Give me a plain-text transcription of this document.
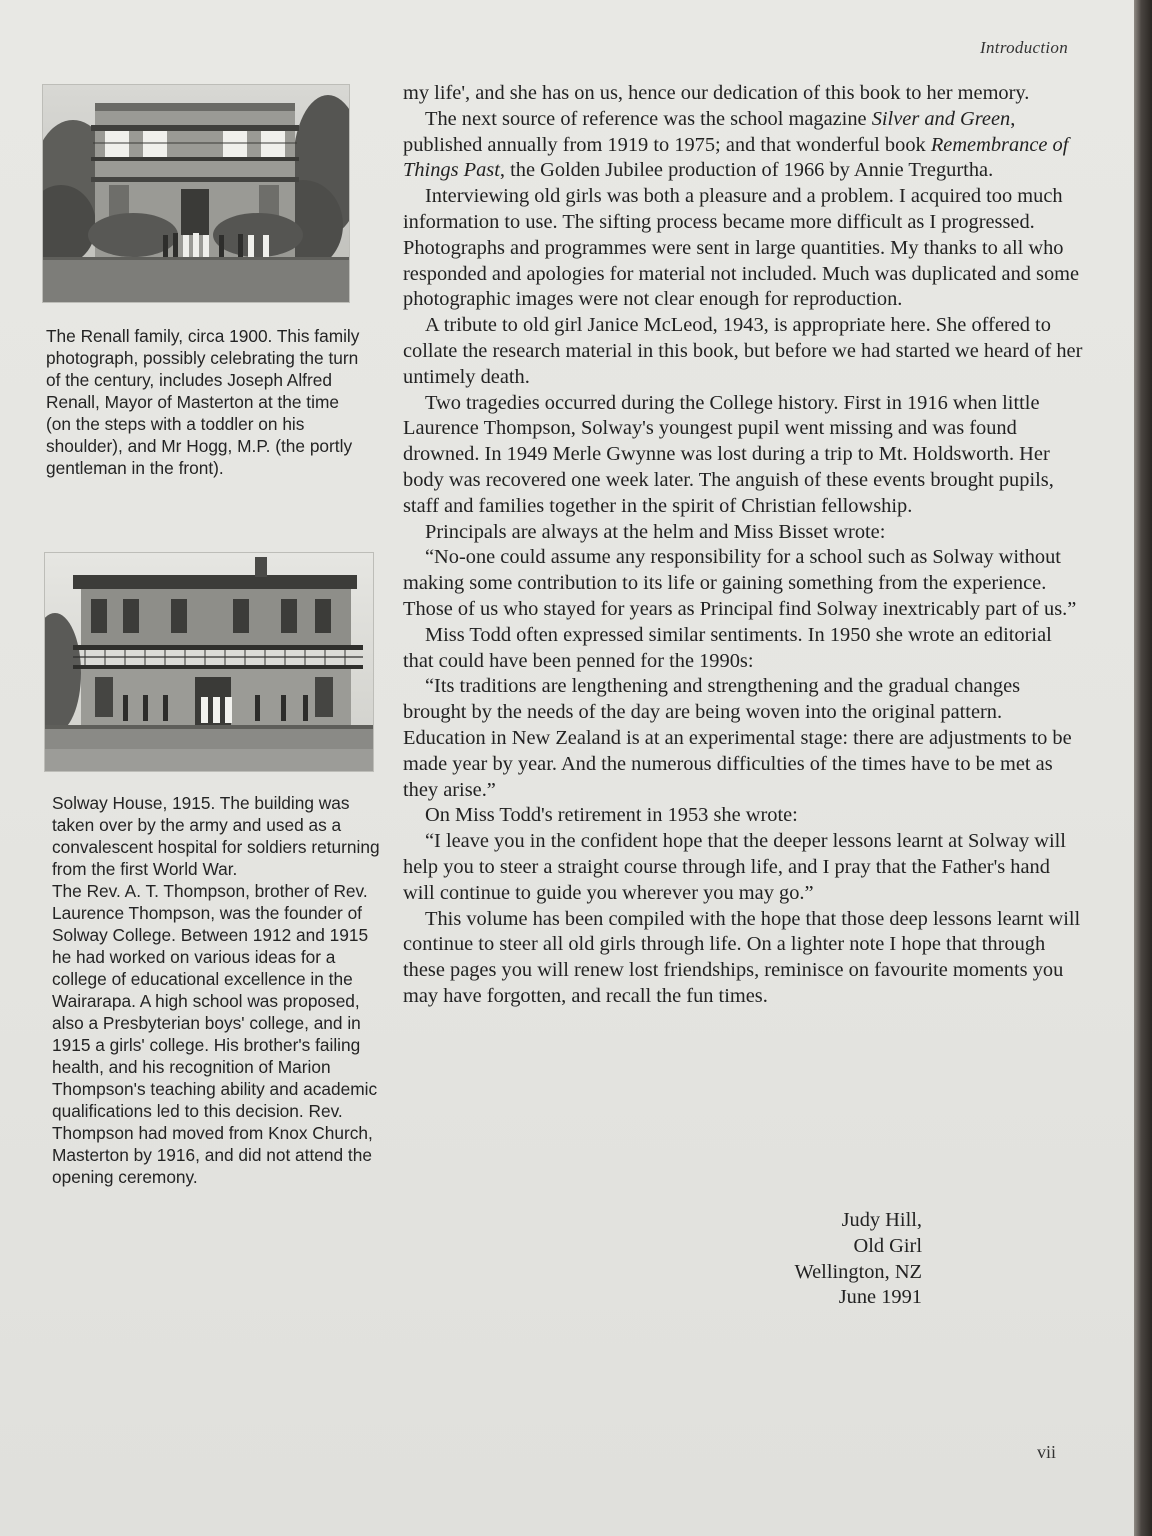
Introduction

The Renall family, circa 1900. This family photograph, possibly celebrating the turn of the century, includes Joseph Alfred Renall, Mayor of Masterton at the time (on the steps with a toddler on his shoulder), and Mr Hogg, M.P. (the portly gentleman in the front).

Solway House, 1915. The building was taken over by the army and used as a convalescent hospital for soldiers returning from the first World War.

The Rev. A. T. Thompson, brother of Rev. Laurence Thompson, was the founder of Solway College. Between 1912 and 1915 he had worked on various ideas for a college of educational excellence in the Wairarapa. A high school was proposed, also a Presbyterian boys' college, and in 1915 a girls' college. His brother's failing health, and his recognition of Marion Thompson's teaching ability and academic qualifications led to this decision. Rev. Thompson had moved from Knox Church, Masterton by 1916, and did not attend the opening ceremony.

my life', and she has on us, hence our dedication of this book to her memory.

The next source of reference was the school magazine Silver and Green, published annually from 1919 to 1975; and that wonderful book Remembrance of Things Past, the Golden Jubilee production of 1966 by Annie Tregurtha.

Interviewing old girls was both a pleasure and a problem. I acquired too much information to use. The sifting process became more difficult as I progressed. Photographs and programmes were sent in large quantities. My thanks to all who responded and apologies for material not included. Much was duplicated and some photographic images were not clear enough for reproduction.

A tribute to old girl Janice McLeod, 1943, is appropriate here. She offered to collate the research material in this book, but before we had started we heard of her untimely death.

Two tragedies occurred during the College history. First in 1916 when little Laurence Thompson, Solway's youngest pupil went missing and was found drowned. In 1949 Merle Gwynne was lost during a trip to Mt. Holdsworth. Her body was recovered one week later. The anguish of these events brought pupils, staff and families together in the spirit of Christian fellowship.

Principals are always at the helm and Miss Bisset wrote:

“No-one could assume any responsibility for a school such as Solway without making some contribution to its life or gaining something from the experience. Those of us who stayed for years as Principal find Solway inextricably part of us.”

Miss Todd often expressed similar sentiments. In 1950 she wrote an editorial that could have been penned for the 1990s:

“Its traditions are lengthening and strengthening and the gradual changes brought by the needs of the day are being woven into the original pattern. Education in New Zealand is at an experimental stage: there are adjustments to be made year by year. And the numerous difficulties of the times have to be met as they arise.”

On Miss Todd's retirement in 1953 she wrote:

“I leave you in the confident hope that the deeper lessons learnt at Solway will help you to steer a straight course through life, and I pray that the Father's hand will continue to guide you wherever you may go.”

This volume has been compiled with the hope that those deep lessons learnt will continue to steer all old girls through life. On a lighter note I hope that through these pages you will renew lost friendships, reminisce on favourite moments you may have forgotten, and recall the fun times.

Judy Hill,
Old Girl
Wellington, NZ
June 1991
vii
